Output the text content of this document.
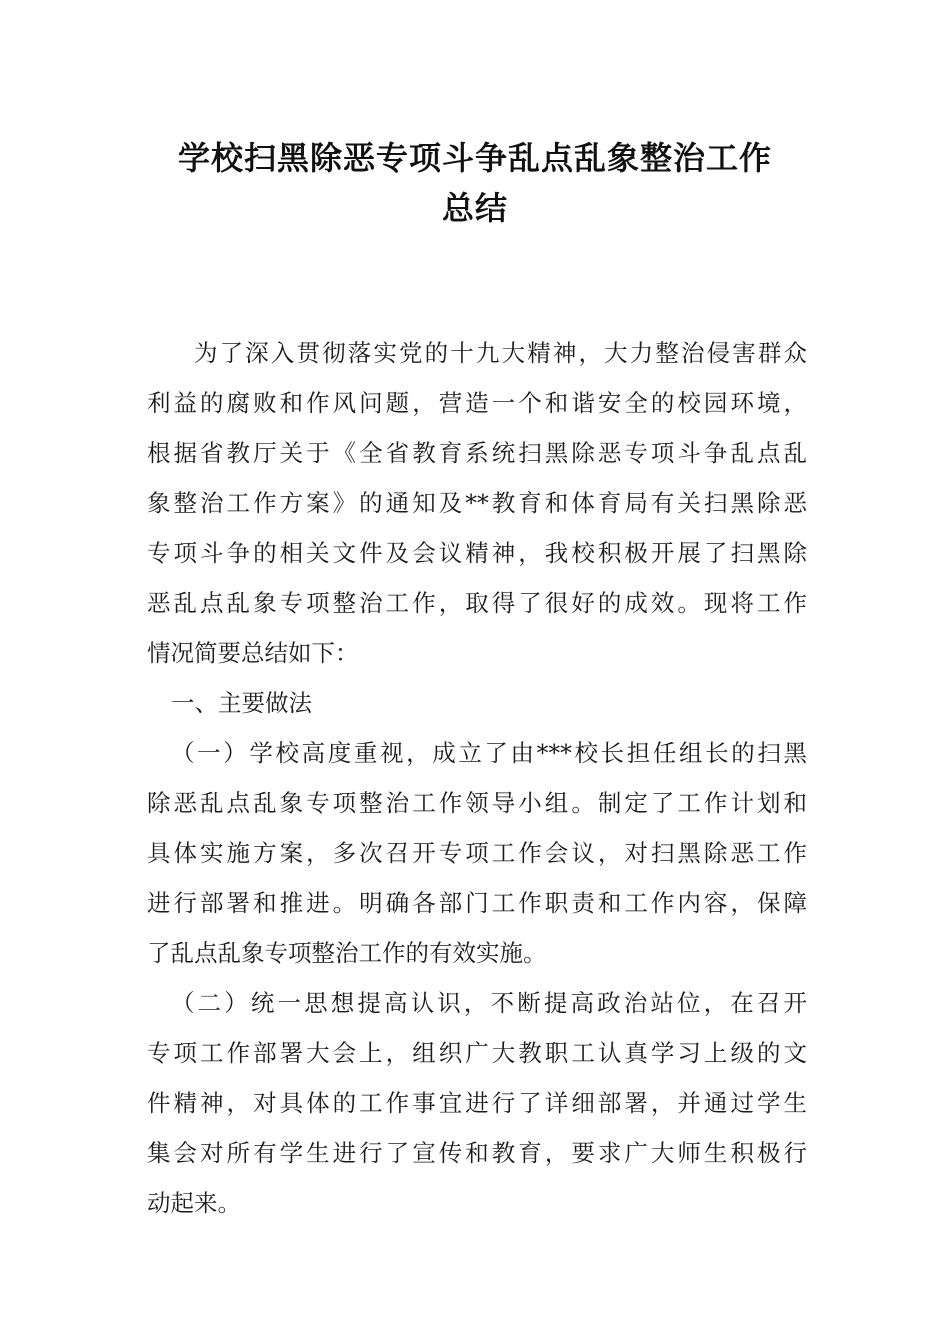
学校扫黑除恶专项斗争乱点乱象整治工作
总结
为了深入贯彻落实党的十九大精神，大力整治侵害群众
利益的腐败和作风问题，营造一个和谐安全的校园环境，
根据省教厅关于《全省教育系统扫黑除恶专项斗争乱点乱
象整治工作方案》的通知及**教育和体育局有关扫黑除恶
专项斗争的相关文件及会议精神，我校积极开展了扫黑除
恶乱点乱象专项整治工作，取得了很好的成效。现将工作
情况简要总结如下：
一、主要做法
（一）学校高度重视，成立了由***校长担任组长的扫黑
除恶乱点乱象专项整治工作领导小组。制定了工作计划和
具体实施方案，多次召开专项工作会议，对扫黑除恶工作
进行部署和推进。明确各部门工作职责和工作内容，保障
了乱点乱象专项整治工作的有效实施。
（二）统一思想提高认识，不断提高政治站位，在召开
专项工作部署大会上，组织广大教职工认真学习上级的文
件精神，对具体的工作事宜进行了详细部署，并通过学生
集会对所有学生进行了宣传和教育，要求广大师生积极行
动起来。
